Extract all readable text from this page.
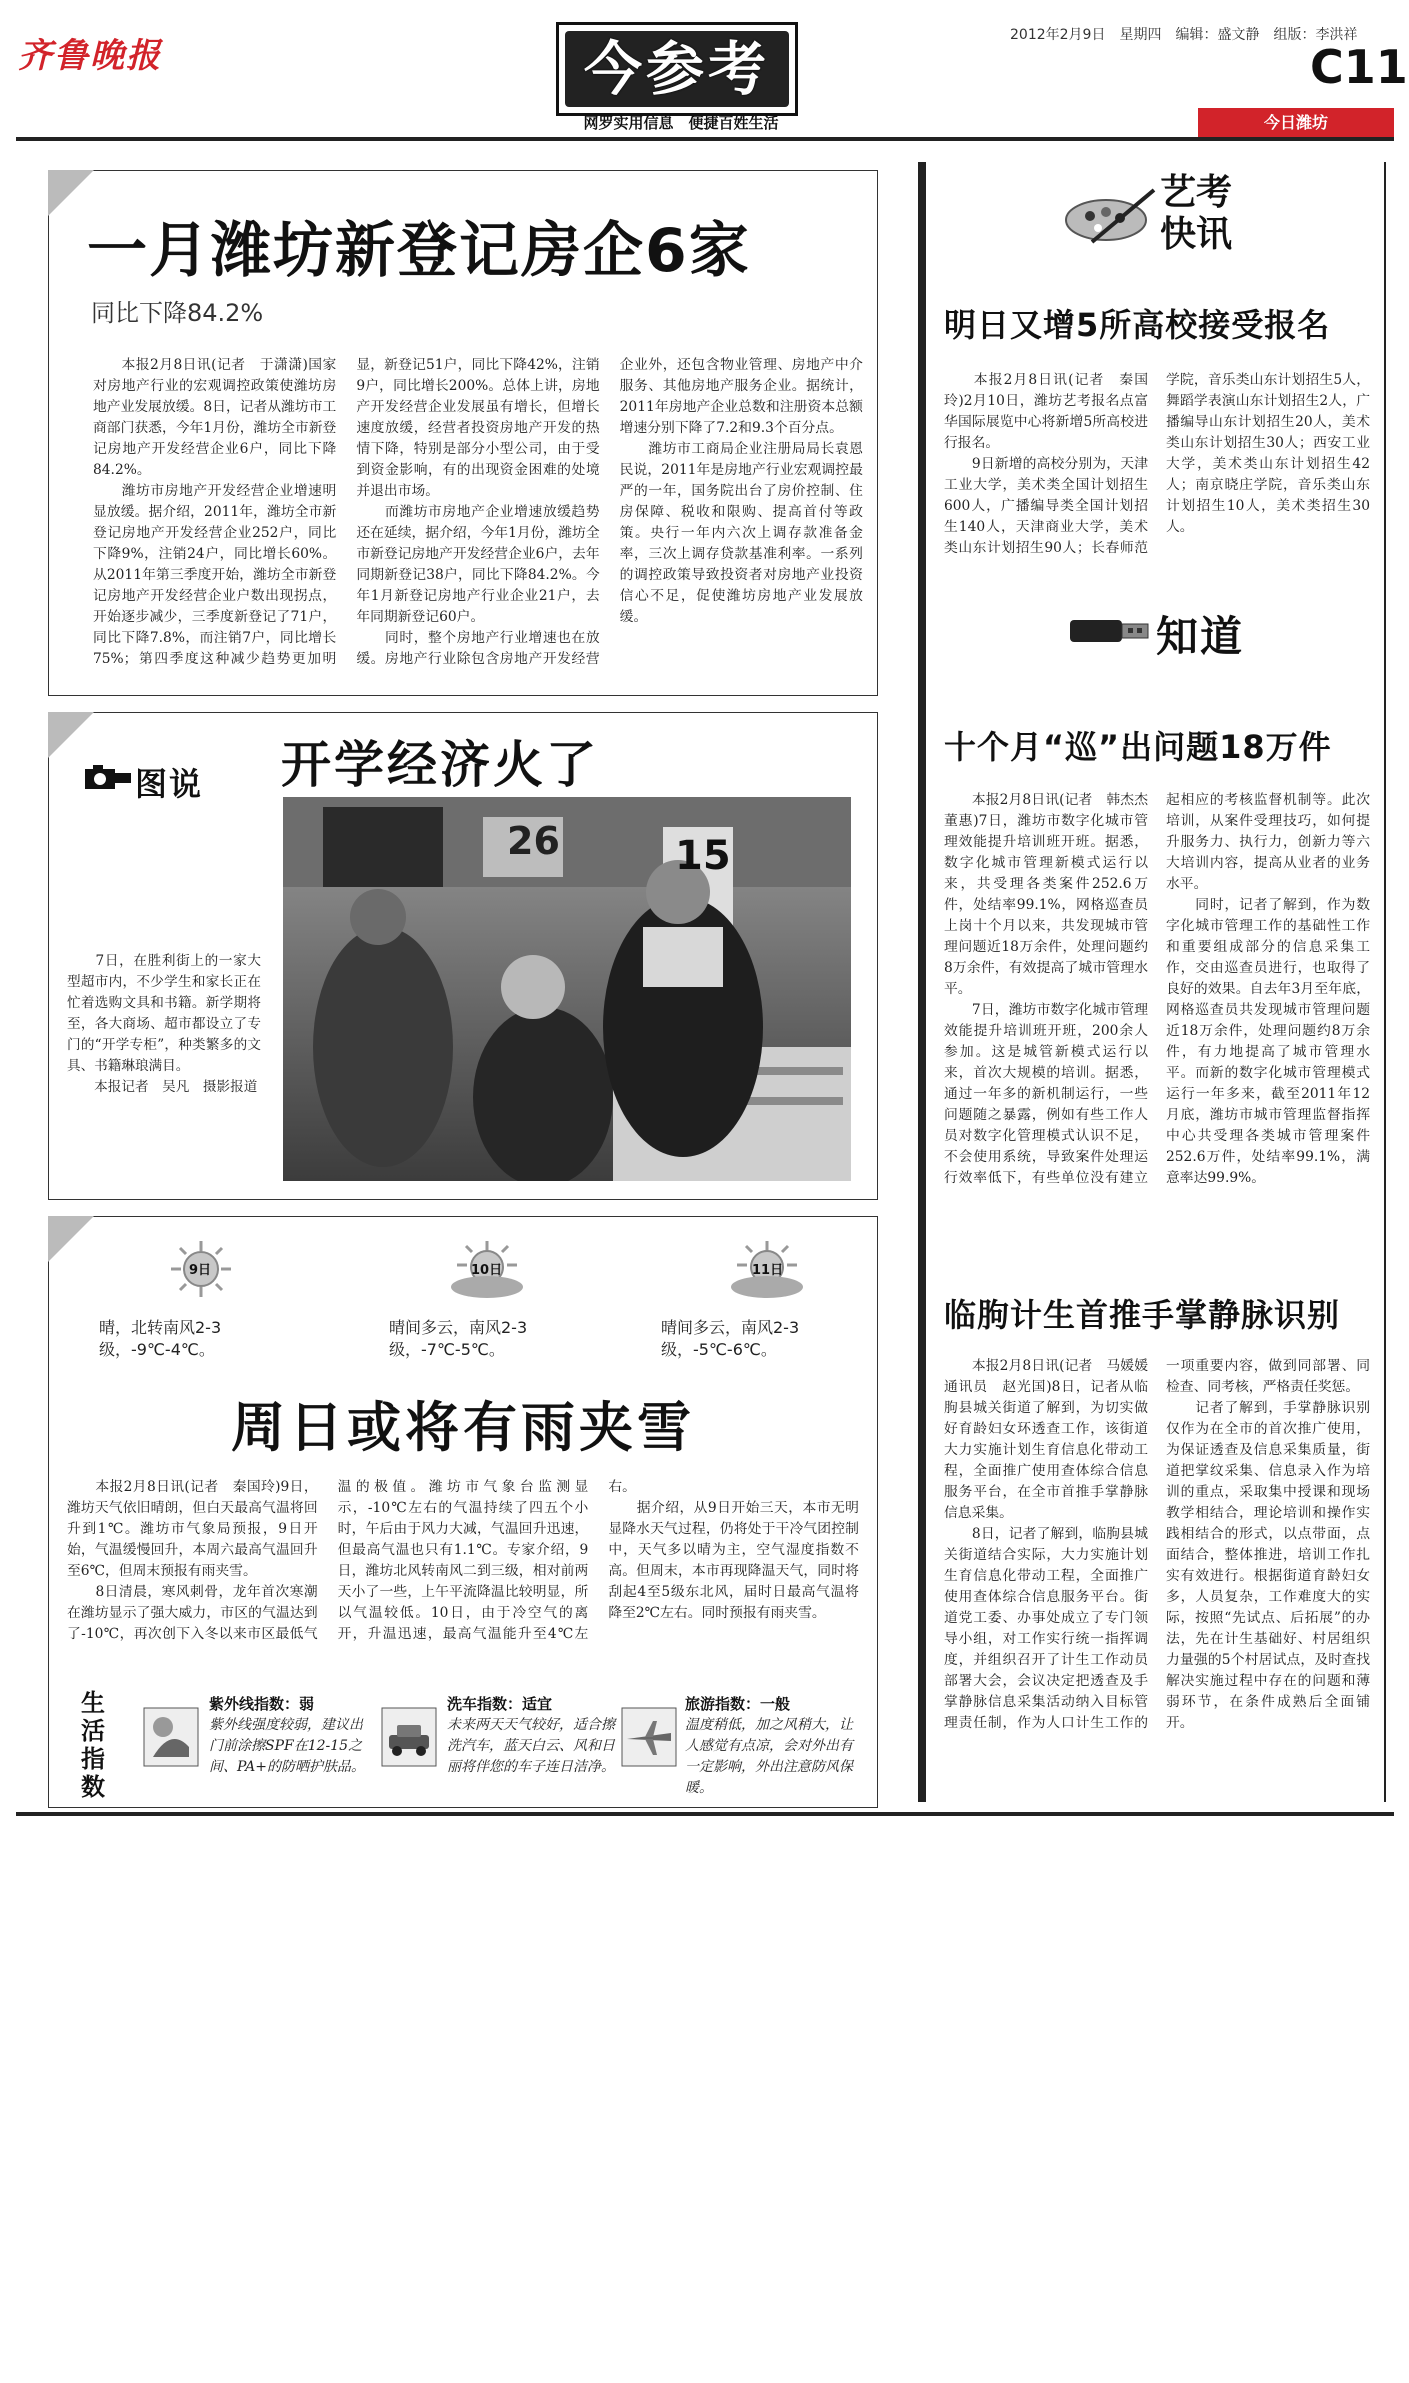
齐鲁晚报	今参考
网罗实用信息　便捷百姓生活
2012年2月9日　星期四　编辑：盛文静　组版：李洪祥
C11
今日潍坊
一月潍坊新登记房企6家
同比下降84.2%
　　本报2月8日讯(记者　于潇潇)国家对房地产行业的宏观调控政策使潍坊房地产业发展放缓。8日，记者从潍坊市工商部门获悉，今年1月份，潍坊全市新登记房地产开发经营企业6户，同比下降84.2%。
　　潍坊市房地产开发经营企业增速明显放缓。据介绍，2011年，潍坊全市新登记房地产开发经营企业252户，同比下降9%，注销24户，同比增长60%。从2011年第三季度开始，潍坊全市新登记房地产开发经营企业户数出现拐点，开始逐步减少，三季度新登记了71户，同比下降7.8%，而注销7户，同比增长75%；第四季度这种减少趋势更加明显，新登记51户，同比下降42%，注销9户，同比增长200%。总体上讲，房地产开发经营企业发展虽有增长，但增长速度放缓，经营者投资房地产开发的热情下降，特别是部分小型公司，由于受到资金影响，有的出现资金困难的处境并退出市场。
　　而潍坊市房地产企业增速放缓趋势还在延续，据介绍，今年1月份，潍坊全市新登记房地产开发经营企业6户，去年同期新登记38户，同比下降84.2%。今年1月新登记房地产行业企业21户，去年同期新登记60户。
　　同时，整个房地产行业增速也在放缓。房地产行业除包含房地产开发经营企业外，还包含物业管理、房地产中介服务、其他房地产服务企业。据统计，2011年房地产企业总数和注册资本总额增速分别下降了7.2和9.3个百分点。
　　潍坊市工商局企业注册局局长袁恩民说，2011年是房地产行业宏观调控最严的一年，国务院出台了房价控制、住房保障、税收和限购、提高首付等政策。央行一年内六次上调存款准备金率，三次上调存贷款基准利率。一系列的调控政策导致投资者对房地产业投资信心不足，促使潍坊房地产业发展放缓。
图说 开学经济火了
　　7日，在胜利街上的一家大型超市内，不少学生和家长正在忙着选购文具和书籍。新学期将至，各大商场、超市都设立了专门的“开学专柜”，种类繁多的文具、书籍琳琅满目。
　　本报记者　吴凡　摄影报道
26	15
9日
晴，北转南风2-3级，-9℃-4℃。
10日
晴间多云，南风2-3级，-7℃-5℃。
11日
晴间多云，南风2-3级，-5℃-6℃。
周日或将有雨夹雪
　　本报2月8日讯(记者　秦国玲)9日，潍坊天气依旧晴朗，但白天最高气温将回升到1℃。潍坊市气象局预报，9日开始，气温缓慢回升，本周六最高气温回升至6℃，但周末预报有雨夹雪。
　　8日清晨，寒风刺骨，龙年首次寒潮在潍坊显示了强大威力，市区的气温达到了-10℃，再次创下入冬以来市区最低气温的极值。潍坊市气象台监测显示，-10℃左右的气温持续了四五个小时，午后由于风力大减，气温回升迅速，但最高气温也只有1.1℃。专家介绍，9日，潍坊北风转南风二到三级，相对前两天小了一些，上午平流降温比较明显，所以气温较低。10日，由于冷空气的离开，升温迅速，最高气温能升至4℃左右。
　　据介绍，从9日开始三天，本市无明显降水天气过程，仍将处于干冷气团控制中，天气多以晴为主，空气湿度指数不高。但周末，本市再现降温天气，同时将刮起4至5级东北风，届时日最高气温将降至2℃左右。同时预报有雨夹雪。
生活指数
紫外线指数：弱
紫外线强度较弱，建议出门前涂擦SPF在12-15之间、PA+的防晒护肤品。
洗车指数：适宜
未来两天天气较好，适合擦洗汽车，蓝天白云、风和日丽将伴您的车子连日洁净。
旅游指数：一般
温度稍低，加之风稍大，让人感觉有点凉，会对外出有一定影响，外出注意防风保暖。
艺考快讯
明日又增5所高校接受报名
　　本报2月8日讯(记者　秦国玲)2月10日，潍坊艺考报名点富华国际展览中心将新增5所高校进行报名。
　　9日新增的高校分别为，天津工业大学，美术类全国计划招生600人，广播编导类全国计划招生140人，天津商业大学，美术类山东计划招生90人；长春师范学院，音乐类山东计划招生5人，舞蹈学表演山东计划招生2人，广播编导山东计划招生20人，美术类山东计划招生30人；西安工业大学，美术类山东计划招生42人；南京晓庄学院，音乐类山东计划招生10人，美术类招生30人。
知道
十个月“巡”出问题18万件
　　本报2月8日讯(记者　韩杰杰　董惠)7日，潍坊市数字化城市管理效能提升培训班开班。据悉，数字化城市管理新模式运行以来，共受理各类案件252.6万件，处结率99.1%，网格巡查员上岗十个月以来，共发现城市管理问题近18万余件，处理问题约8万余件，有效提高了城市管理水平。
　　7日，潍坊市数字化城市管理效能提升培训班开班，200余人参加。这是城管新模式运行以来，首次大规模的培训。据悉，通过一年多的新机制运行，一些问题随之暴露，例如有些工作人员对数字化管理模式认识不足，不会使用系统，导致案件处理运行效率低下，有些单位没有建立起相应的考核监督机制等。此次培训，从案件受理技巧，如何提升服务力、执行力，创新力等六大培训内容，提高从业者的业务水平。
　　同时，记者了解到，作为数字化城市管理工作的基础性工作和重要组成部分的信息采集工作，交由巡查员进行，也取得了良好的效果。自去年3月至年底，网格巡查员共发现城市管理问题近18万余件，处理问题约8万余件，有力地提高了城市管理水平。而新的数字化城市管理模式运行一年多来，截至2011年12月底，潍坊市城市管理监督指挥中心共受理各类城市管理案件252.6万件，处结率99.1%，满意率达99.9%。
临朐计生首推手掌静脉识别
　　本报2月8日讯(记者　马媛媛　通讯员　赵光国)8日，记者从临朐县城关街道了解到，为切实做好育龄妇女环透查工作，该街道大力实施计划生育信息化带动工程，全面推广使用查体综合信息服务平台，在全市首推手掌静脉信息采集。
　　8日，记者了解到，临朐县城关街道结合实际，大力实施计划生育信息化带动工程，全面推广使用查体综合信息服务平台。街道党工委、办事处成立了专门领导小组，对工作实行统一指挥调度，并组织召开了计生工作动员部署大会，会议决定把透查及手掌静脉信息采集活动纳入目标管理责任制，作为人口计生工作的一项重要内容，做到同部署、同检查、同考核，严格责任奖惩。
　　记者了解到，手掌静脉识别仅作为在全市的首次推广使用，为保证透查及信息采集质量，街道把掌纹采集、信息录入作为培训的重点，采取集中授课和现场教学相结合，理论培训和操作实践相结合的形式，以点带面，点面结合，整体推进，培训工作扎实有效进行。根据街道育龄妇女多，人员复杂，工作难度大的实际，按照“先试点、后拓展”的办法，先在计生基础好、村居组织力量强的5个村居试点，及时查找解决实施过程中存在的问题和薄弱环节，在条件成熟后全面铺开。
